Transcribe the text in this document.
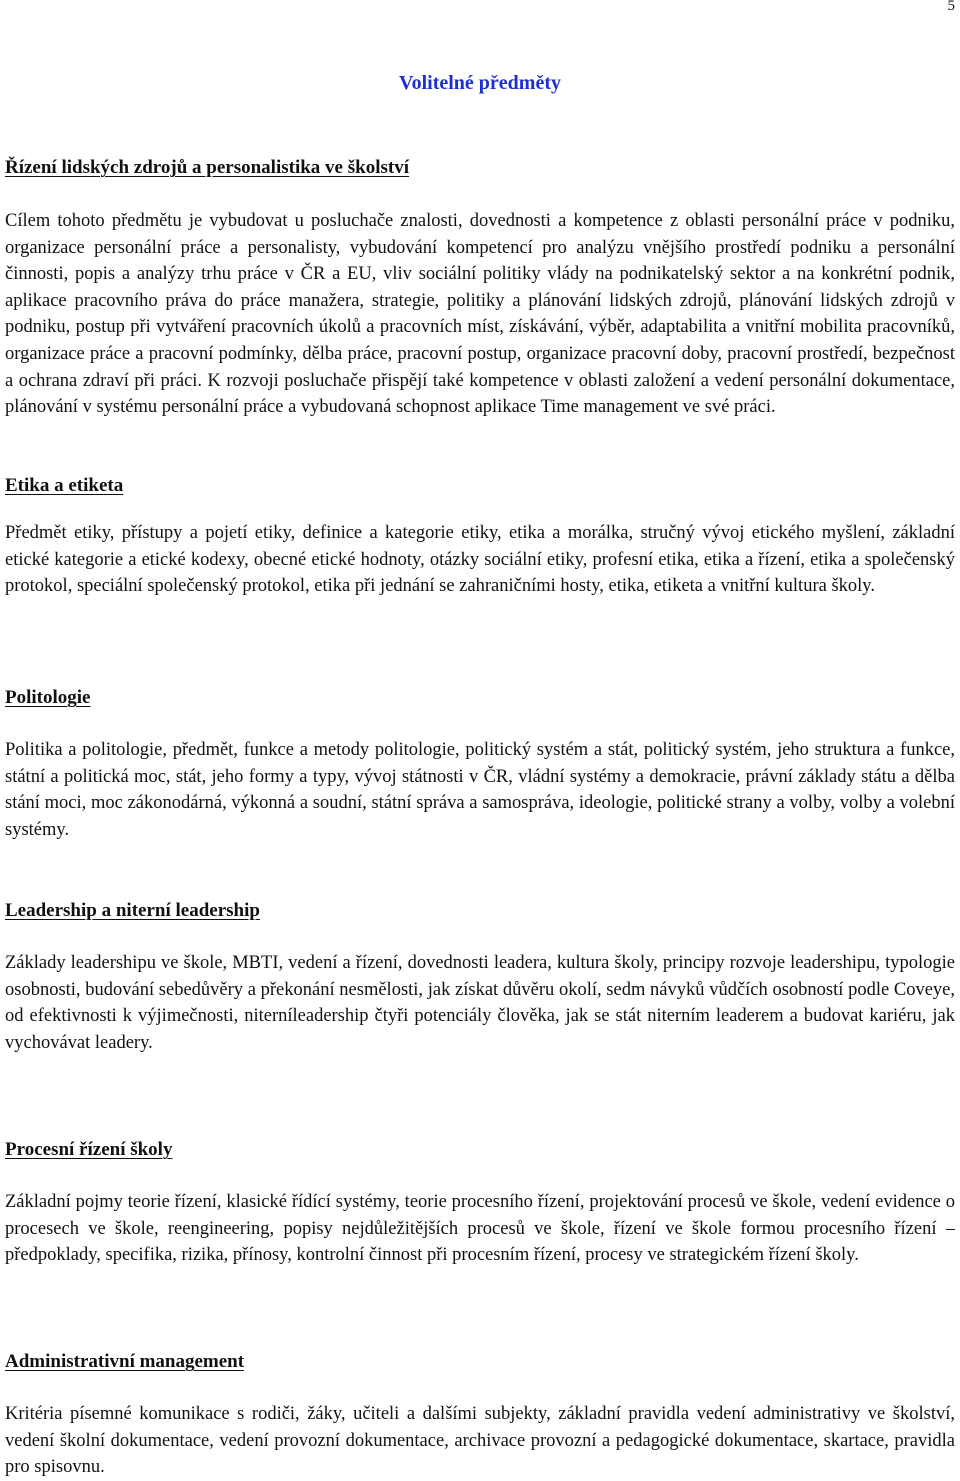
5
Volitelné předměty
Řízení lidských zdrojů a personalistika ve školství

Cílem tohoto předmětu je vybudovat u posluchače znalosti, dovednosti a kompetence z oblasti personální práce v podniku, organizace personální práce a personalisty, vybudování kompetencí pro analýzu vnějšího prostředí podniku a personální činnosti, popis a analýzy trhu práce v ČR a EU, vliv sociální politiky vlády na podnikatelský sektor a na konkrétní podnik, aplikace pracovního práva do práce manažera, strategie, politiky a plánování lidských zdrojů, plánování lidských zdrojů v podniku, postup při vytváření pracovních úkolů a pracovních míst, získávání, výběr, adaptabilita a vnitřní mobilita pracovníků, organizace práce a pracovní podmínky, dělba práce, pracovní postup, organizace pracovní doby, pracovní prostředí, bezpečnost a ochrana zdraví při práci. K rozvoji posluchače přispějí také kompetence v oblasti založení a vedení personální dokumentace, plánování v systému personální práce a vybudovaná schopnost aplikace Time management ve své práci.

Etika a etiketa

Předmět etiky, přístupy a pojetí etiky, definice a kategorie etiky, etika a morálka, stručný vývoj etického myšlení, základní etické kategorie a etické kodexy, obecné etické hodnoty, otázky sociální etiky, profesní etika, etika a řízení, etika a společenský protokol, speciální společenský protokol, etika při jednání se zahraničními hosty, etika, etiketa a vnitřní kultura školy.

Politologie

Politika a politologie, předmět, funkce a metody politologie, politický systém a stát, politický systém, jeho struktura a funkce, státní a politická moc, stát, jeho formy a typy, vývoj státnosti v ČR, vládní systémy a demokracie, právní základy státu a dělba stání moci, moc zákonodárná, výkonná a soudní, státní správa a samospráva, ideologie, politické strany a volby, volby a volební systémy.

Leadership a niterní leadership

Základy leadershipu ve škole, MBTI, vedení a řízení, dovednosti leadera, kultura školy, principy rozvoje leadershipu, typologie osobnosti, budování sebedůvěry a překonání nesmělosti, jak získat důvěru okolí, sedm návyků vůdčích osobností podle Coveye, od efektivnosti k výjimečnosti, niterníleadership čtyři potenciály člověka, jak se stát niterním leaderem a budovat kariéru, jak vychovávat leadery.

Procesní řízení školy

Základní pojmy teorie řízení, klasické řídící systémy, teorie procesního řízení, projektování procesů ve škole, vedení evidence o procesech ve škole, reengineering, popisy nejdůležitějších procesů ve škole, řízení ve škole formou procesního řízení – předpoklady, specifika, rizika, přínosy, kontrolní činnost při procesním řízení, procesy ve strategickém řízení školy.

Administrativní management

Kritéria písemné komunikace s rodiči, žáky, učiteli a dalšími subjekty, základní pravidla vedení administrativy ve školství, vedení školní dokumentace, vedení provozní dokumentace, archivace provozní a pedagogické dokumentace, skartace, pravidla pro spisovnu.
